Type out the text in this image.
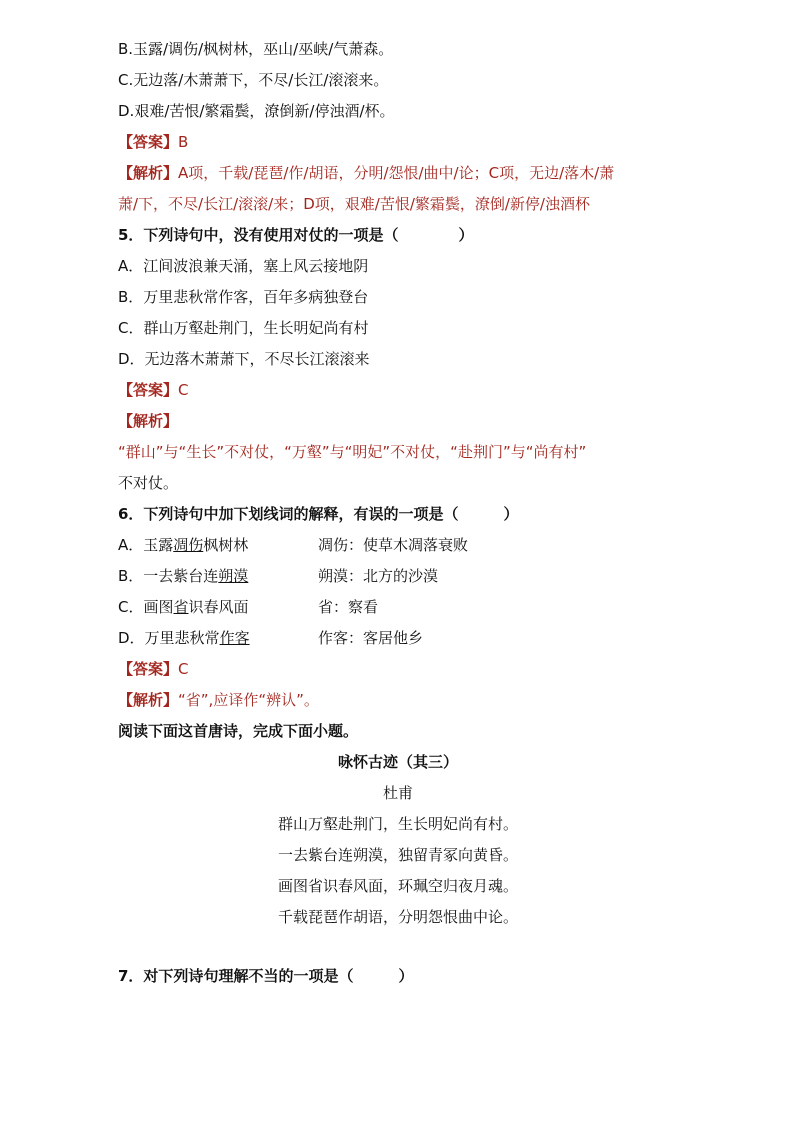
B.玉露/调伤/枫树林，巫山/巫峡/气萧森。
C.无边落/木萧萧下，不尽/长江/滚滚来。
D.艰难/苦恨/繁霜鬓，潦倒新/停浊酒/杯。
【答案】B
【解析】A项，千载/琵琶/作/胡语，分明/怨恨/曲中/论；C项，无边/落木/萧
萧/下，不尽/长江/滚滚/来；D项，艰难/苦恨/繁霜鬓，潦倒/新停/浊酒杯
5．下列诗句中，没有使用对仗的一项是（　　　　）
A．江间波浪兼天涌，塞上风云接地阴
B．万里悲秋常作客，百年多病独登台
C．群山万壑赴荆门，生长明妃尚有村
D．无边落木萧萧下，不尽长江滚滚来
【答案】C
【解析】
“群山”与“生长”不对仗，“万壑”与“明妃”不对仗，“赴荆门”与“尚有村”
不对仗。
6．下列诗句中加下划线词的解释，有误的一项是（　　　）
A．玉露凋伤枫树林	凋伤：使草木凋落衰败
B．一去紫台连朔漠	朔漠：北方的沙漠
C．画图省识春风面	省：察看
D．万里悲秋常作客	作客：客居他乡
【答案】C
【解析】“省”,应译作“辨认”。
阅读下面这首唐诗，完成下面小题。
咏怀古迹（其三）
杜甫
群山万壑赴荆门，生长明妃尚有村。
一去紫台连朔漠，独留青冢向黄昏。
画图省识春风面，环珮空归夜月魂。
千载琵琶作胡语，分明怨恨曲中论。
7．对下列诗句理解不当的一项是（　　　）
